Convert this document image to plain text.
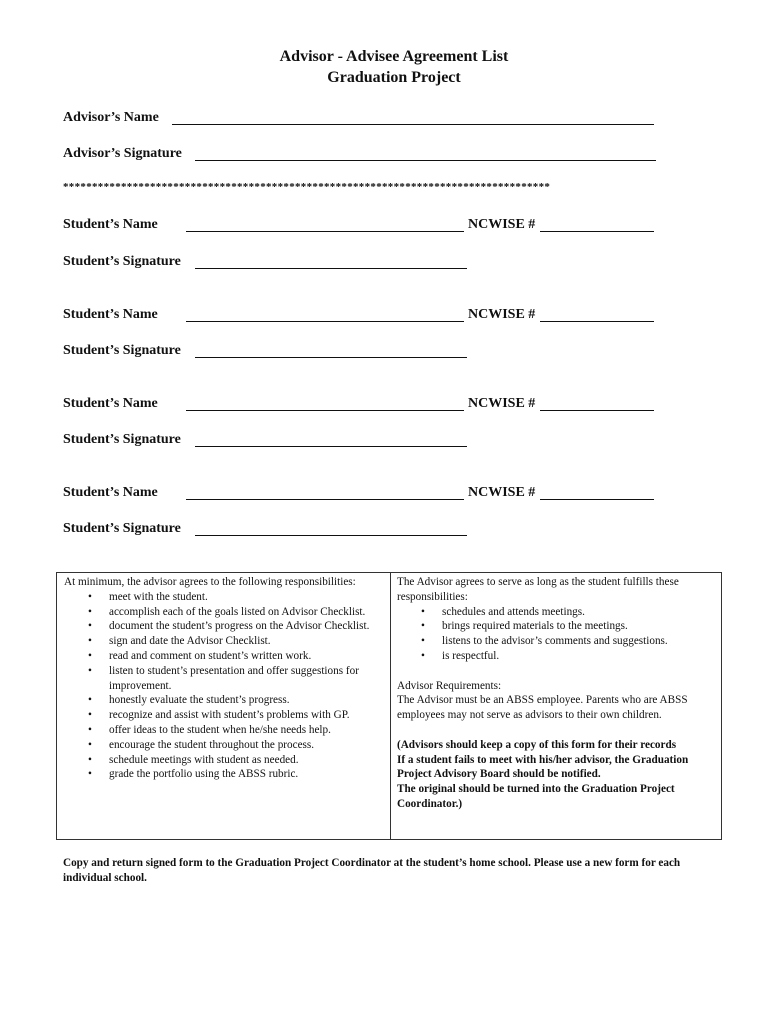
Advisor - Advisee Agreement List
Graduation Project
Advisor’s Name
Advisor’s Signature
************************************************************************************
Student’s Name	NCWISE #
Student’s Signature
Student’s Name	NCWISE #
Student’s Signature
Student’s Name	NCWISE #
Student’s Signature
Student’s Name	NCWISE #
Student’s Signature
At minimum, the advisor agrees to the following responsibilities:
• meet with the student.
• accomplish each of the goals listed on Advisor Checklist.
• document the student’s progress on the Advisor Checklist.
• sign and date the Advisor Checklist.
• read and comment on student’s written work.
• listen to student’s presentation and offer suggestions for improvement.
• honestly evaluate the student’s progress.
• recognize and assist with student’s problems with GP.
• offer ideas to the student when he/she needs help.
• encourage the student throughout the process.
• schedule meetings with student as needed.
• grade the portfolio using the ABSS rubric.
The Advisor agrees to serve as long as the student fulfills these responsibilities:
• schedules and attends meetings.
• brings required materials to the meetings.
• listens to the advisor’s comments and suggestions.
• is respectful.
Advisor Requirements:
The Advisor must be an ABSS employee. Parents who are ABSS employees may not serve as advisors to their own children.
(Advisors should keep a copy of this form for their records
If a student fails to meet with his/her advisor, the Graduation Project Advisory Board should be notified.
The original should be turned into the Graduation Project Coordinator.)
Copy and return signed form to the Graduation Project Coordinator at the student’s home school. Please use a new form for each individual school.
